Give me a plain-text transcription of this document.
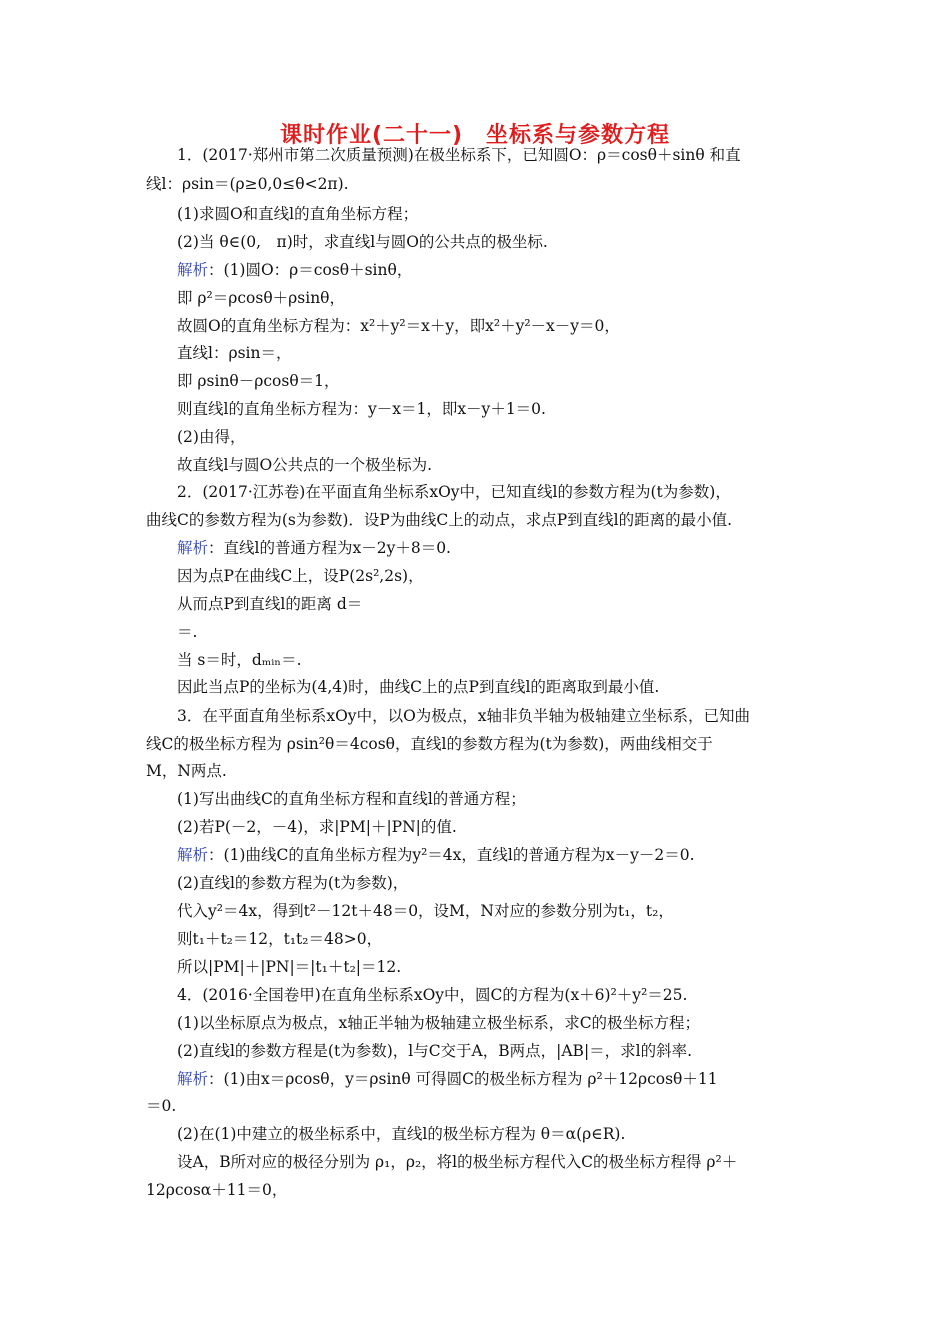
课时作业(二十一)　坐标系与参数方程
1．(2017·郑州市第二次质量预测)在极坐标系下，已知圆O：ρ＝cosθ＋sinθ 和直
线l：ρsin＝(ρ≥0,0≤θ<2π).
(1)求圆O和直线l的直角坐标方程；
(2)当 θ∈(0,　π)时，求直线l与圆O的公共点的极坐标.
解析：(1)圆O：ρ＝cosθ＋sinθ，
即 ρ²＝ρcosθ＋ρsinθ，
故圆O的直角坐标方程为：x²＋y²＝x＋y，即x²＋y²－x－y＝0，
直线l：ρsin＝，
即 ρsinθ－ρcosθ＝1，
则直线l的直角坐标方程为：y－x＝1，即x－y＋1＝0.
(2)由得，
故直线l与圆O公共点的一个极坐标为.
2．(2017·江苏卷)在平面直角坐标系xOy中，已知直线l的参数方程为(t为参数)，
曲线C的参数方程为(s为参数)．设P为曲线C上的动点，求点P到直线l的距离的最小值.
解析：直线l的普通方程为x－2y＋8＝0.
因为点P在曲线C上，设P(2s²,2s)，
从而点P到直线l的距离 d＝
＝.
当 s＝时，dₘᵢₙ＝.
因此当点P的坐标为(4,4)时，曲线C上的点P到直线l的距离取到最小值.
3．在平面直角坐标系xOy中，以O为极点，x轴非负半轴为极轴建立坐标系，已知曲
线C的极坐标方程为 ρsin²θ＝4cosθ，直线l的参数方程为(t为参数)，两曲线相交于
M，N两点.
(1)写出曲线C的直角坐标方程和直线l的普通方程；
(2)若P(－2，－4)，求|PM|＋|PN|的值.
解析：(1)曲线C的直角坐标方程为y²＝4x，直线l的普通方程为x－y－2＝0.
(2)直线l的参数方程为(t为参数)，
代入y²＝4x，得到t²－12t＋48＝0，设M，N对应的参数分别为t₁，t₂，
则t₁＋t₂＝12，t₁t₂＝48>0，
所以|PM|＋|PN|＝|t₁＋t₂|＝12.
4．(2016·全国卷甲)在直角坐标系xOy中，圆C的方程为(x＋6)²＋y²＝25.
(1)以坐标原点为极点，x轴正半轴为极轴建立极坐标系，求C的极坐标方程；
(2)直线l的参数方程是(t为参数)，l与C交于A，B两点，|AB|＝，求l的斜率.
解析：(1)由x＝ρcosθ，y＝ρsinθ 可得圆C的极坐标方程为 ρ²＋12ρcosθ＋11
＝0.
(2)在(1)中建立的极坐标系中，直线l的极坐标方程为 θ＝α(ρ∈R).
设A，B所对应的极径分别为 ρ₁，ρ₂，将l的极坐标方程代入C的极坐标方程得 ρ²＋
12ρcosα＋11＝0，
